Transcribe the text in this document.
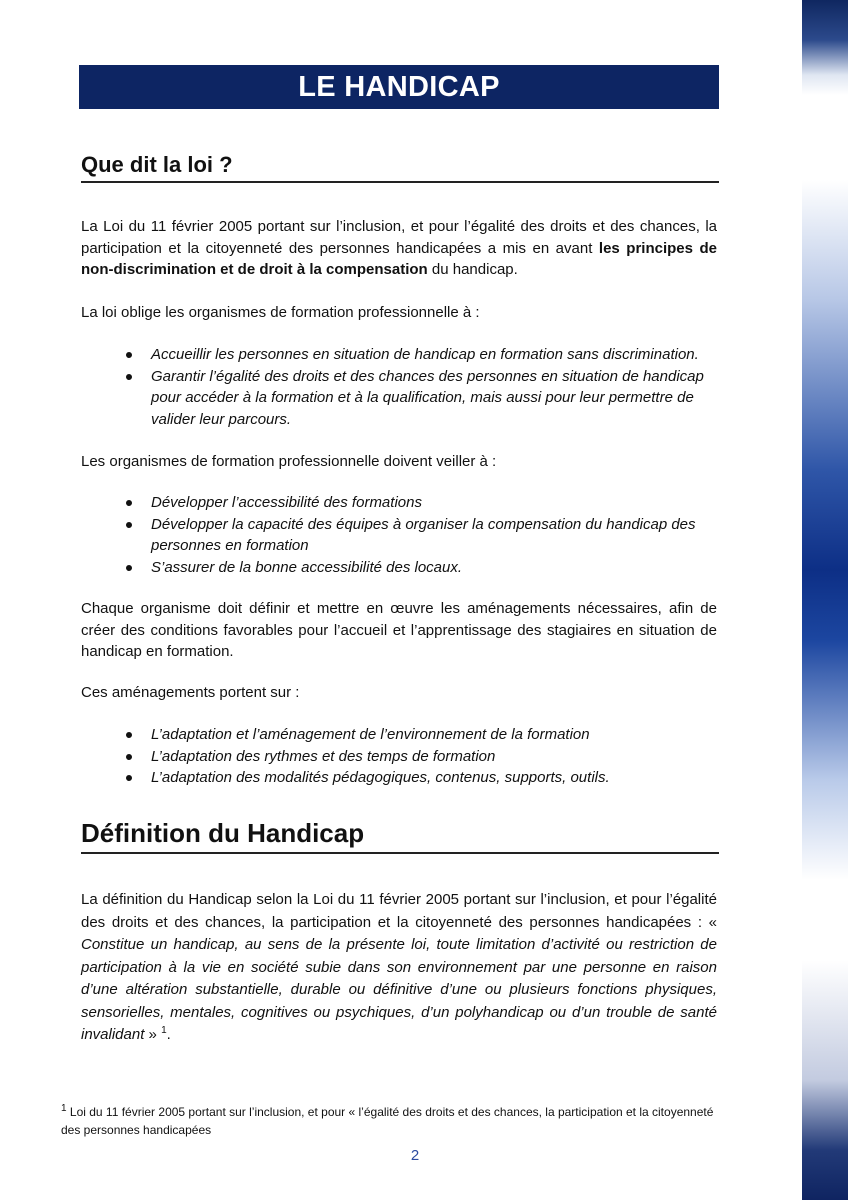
LE HANDICAP
Que dit la loi ?
La Loi du 11 février 2005 portant sur l’inclusion, et pour l’égalité des droits et des chances, la participation et la citoyenneté des personnes handicapées a mis en avant les principes de non-discrimination et de droit à la compensation du handicap.
La loi oblige les organismes de formation professionnelle à :
Accueillir les personnes en situation de handicap en formation sans discrimination.
Garantir l’égalité des droits et des chances des personnes en situation de handicap pour accéder à la formation et à la qualification, mais aussi pour leur permettre de valider leur parcours.
Les organismes de formation professionnelle doivent veiller à :
Développer l’accessibilité des formations
Développer la capacité des équipes à organiser la compensation du handicap des personnes en formation
S’assurer de la bonne accessibilité des locaux.
Chaque organisme doit définir et mettre en œuvre les aménagements nécessaires, afin de créer des conditions favorables pour l’accueil et l’apprentissage des stagiaires en situation de handicap en formation.
Ces aménagements portent sur :
L’adaptation et l’aménagement de l’environnement de la formation
L’adaptation des rythmes et des temps de formation
L’adaptation des modalités pédagogiques, contenus, supports, outils.
Définition du Handicap
La définition du Handicap selon la Loi du 11 février 2005 portant sur l’inclusion, et pour l’égalité des droits et des chances, la participation et la citoyenneté des personnes handicapées : « Constitue un handicap, au sens de la présente loi, toute limitation d’activité ou restriction de participation à la vie en société subie dans son environnement par une personne en raison d’une altération substantielle, durable ou définitive d’une ou plusieurs fonctions physiques, sensorielles, mentales, cognitives ou psychiques, d’un polyhandicap ou d’un trouble de santé invalidant » $^1$.
$^1$ Loi du 11 février 2005 portant sur l’inclusion, et pour « l’égalité des droits et des chances, la participation et la citoyenneté des personnes handicapées
2
